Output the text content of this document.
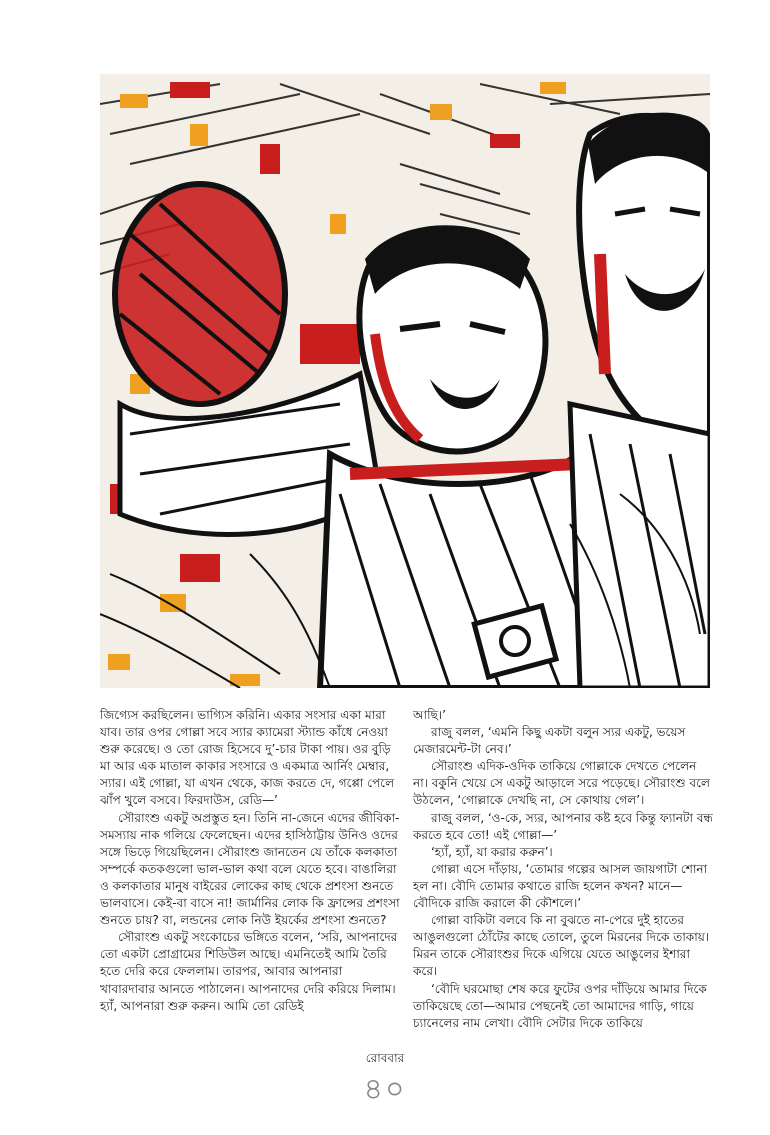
জিগ্যেস করছিলেন। ভাগ্যিস করিনি। একার সংসার একা মারা যাব। তার ওপর গোল্লা সবে স্যার ক্যামেরা স্ট্যান্ড কাঁধে নেওয়া শুরু করেছে। ও তো রোজ হিসেবে দু’-চার টাকা পায়। ওর বুড়ি মা আর এক মাতাল কাকার সংসারে ও একমাত্র আর্নিং মেম্বার, স্যার। এই গোল্লা, যা এখন থেকে, কাজ করতে দে, গপ্পো পেলে ঝাঁপ খুলে বসবে। ফিরদাউস, রেডি—’

সৌরাংশু একটু অপ্রস্তুত হন। তিনি না-জেনে এদের জীবিকা-সমস্যায় নাক গলিয়ে ফেলেছেন। এদের হাসিঠাট্টায় উনিও ওদের সঙ্গে ভিড়ে গিয়েছিলেন। সৌরাংশু জানতেন যে তাঁকে কলকাতা সম্পর্কে কতকগুলো ভাল-ভাল কথা বলে যেতে হবে। বাঙালিরা ও কলকাতার মানুষ বাইরের লোকের কাছ থেকে প্রশংসা শুনতে ভালবাসে। কেই-বা বাসে না! জার্মানির লোক কি ফ্রান্সের প্রশংসা শুনতে চায়? বা, লন্ডনের লোক নিউ ইয়র্কের প্রশংসা শুনতে?

সৌরাংশু একটু সংকোচের ভঙ্গিতে বলেন, ‘সরি, আপনাদের তো একটা প্রোগ্রামের শিডিউল আছে। এমনিতেই আমি তৈরি হতে দেরি করে ফেললাম। তারপর, আবার আপনারা খাবারদাবার আনতে পাঠালেন। আপনাদের দেরি করিয়ে দিলাম। হ্যাঁ, আপনারা শুরু করুন। আমি তো রেডিই

আছি।’

রাজু বলল, ‘এমনি কিছু একটা বলুন স্যর একটু, ভয়েস মেজারমেন্ট-টা নেব।’

সৌরাংশু এদিক-ওদিক তাকিয়ে গোল্লাকে দেখতে পেলেন না। বকুনি খেয়ে সে একটু আড়ালে সরে পড়েছে। সৌরাংশু বলে উঠলেন, ‘গোল্লাকে দেখছি না, সে কোথায় গেল’।

রাজু বলল, ‘ও-কে, স্যর, আপনার কষ্ট হবে কিন্তু ফ্যানটা বন্ধ করতে হবে তো! এই গোল্লা—’

‘হ্যাঁ, হ্যাঁ, যা করার করুন’।

গোল্লা এসে দাঁড়ায়, ‘তোমার গল্পের আসল জায়গাটা শোনা হল না। বৌদি তোমার কথাতে রাজি হলেন কখন? মানে—বৌদিকে রাজি করালে কী কৌশলে।’

গোল্লা বাকিটা বলবে কি না বুঝতে না-পেরে দুই হাতের আঙুলগুলো ঠোঁটের কাছে তোলে, তুলে মিরনের দিকে তাকায়। মিরন তাকে সৌরাংশুর দিকে এগিয়ে যেতে আঙুলের ইশারা করে।

‘বৌদি ঘরমোছা শেষ করে ফুটের ওপর দাঁড়িয়ে আমার দিকে তাকিয়েছে তো—আমার পেছনেই তো আমাদের গাড়ি, গায়ে চ্যানেলের নাম লেখা। বৌদি সেটার দিকে তাকিয়ে

রোববার
৪০
